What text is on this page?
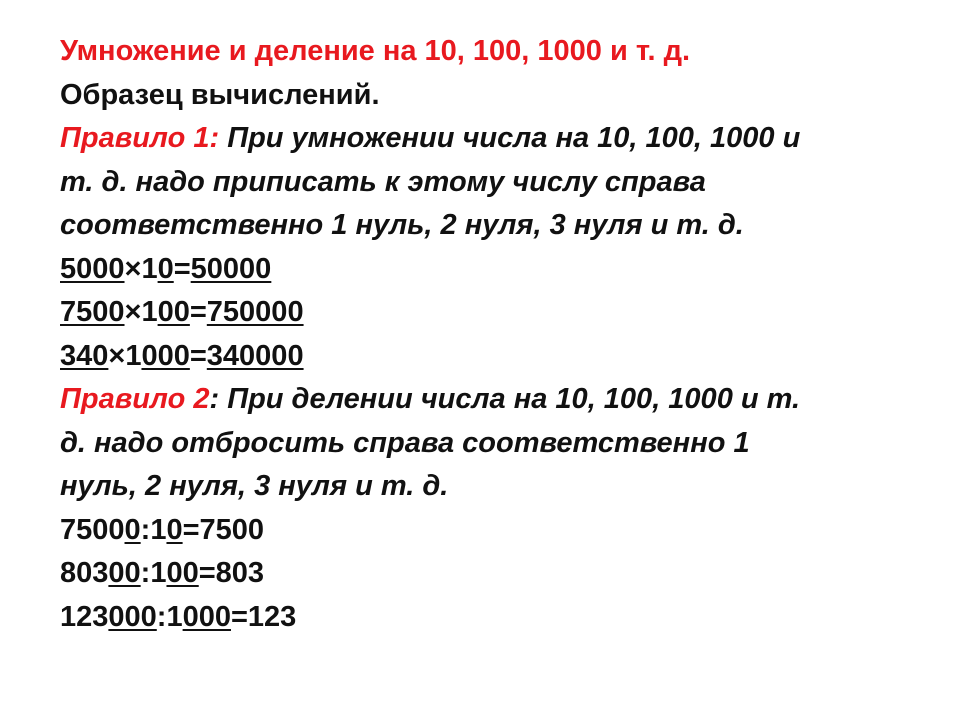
Умножение и деление на 10, 100, 1000 и т. д.
Образец вычислений.
Правило 1: При умножении числа на 10, 100, 1000 и
т. д. надо приписать к этому числу справа
соответственно 1 нуль, 2 нуля, 3 нуля и т. д.
5000×10=50000
7500×100=750000
340×1000=340000
Правило 2: При делении числа на 10, 100, 1000 и т.
д. надо отбросить справа соответственно 1
нуль, 2 нуля, 3 нуля и т. д.
75000:10=7500
80300:100=803
123000:1000=123
